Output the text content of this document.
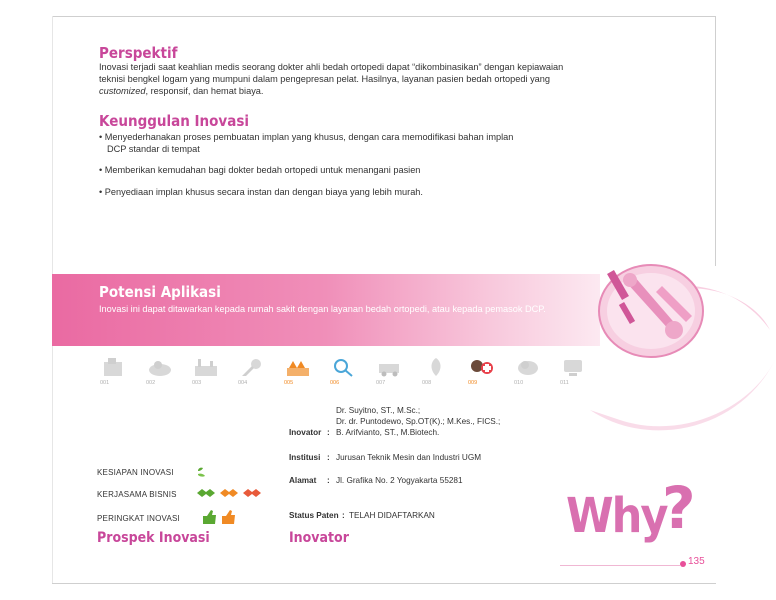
Perspektif

Inovasi terjadi saat keahlian medis seorang dokter ahli bedah ortopedi dapat “dikombinasikan” dengan kepiawaian

teknisi bengkel logam yang mumpuni dalam pengepresan pelat. Hasilnya, layanan pasien bedah ortopedi yang

customized, responsif, dan hemat biaya.

Keunggulan Inovasi

• Menyederhanakan proses pembuatan implan yang khusus, dengan cara memodifikasi bahan implan

DCP standar di tempat

• Memberikan kemudahan bagi dokter bedah ortopedi untuk menangani pasien

• Penyediaan implan khusus secara instan dan dengan biaya yang lebih murah.

Potensi Aplikasi

Inovasi ini dapat ditawarkan kepada rumah sakit dengan layanan bedah ortopedi, atau kepada pemasok DCP.

001	002	003	004	005	006	007	008	009	010	011
KESIAPAN INOVASI
KERJASAMA BISNIS
PERINGKAT INOVASI
Prospek Inovasi
Dr. Suyitno, ST., M.Sc.;
Dr. dr. Puntodewo, Sp.OT(K).; M.Kes., FICS.;
Inovator : B. Arifvianto, ST., M.Biotech.
Institusi : Jurusan Teknik Mesin dan Industri UGM
Alamat : Jl. Grafika No. 2 Yogyakarta 55281
Status Paten : TELAH DIDAFTARKAN
Inovator	Why
?
135
